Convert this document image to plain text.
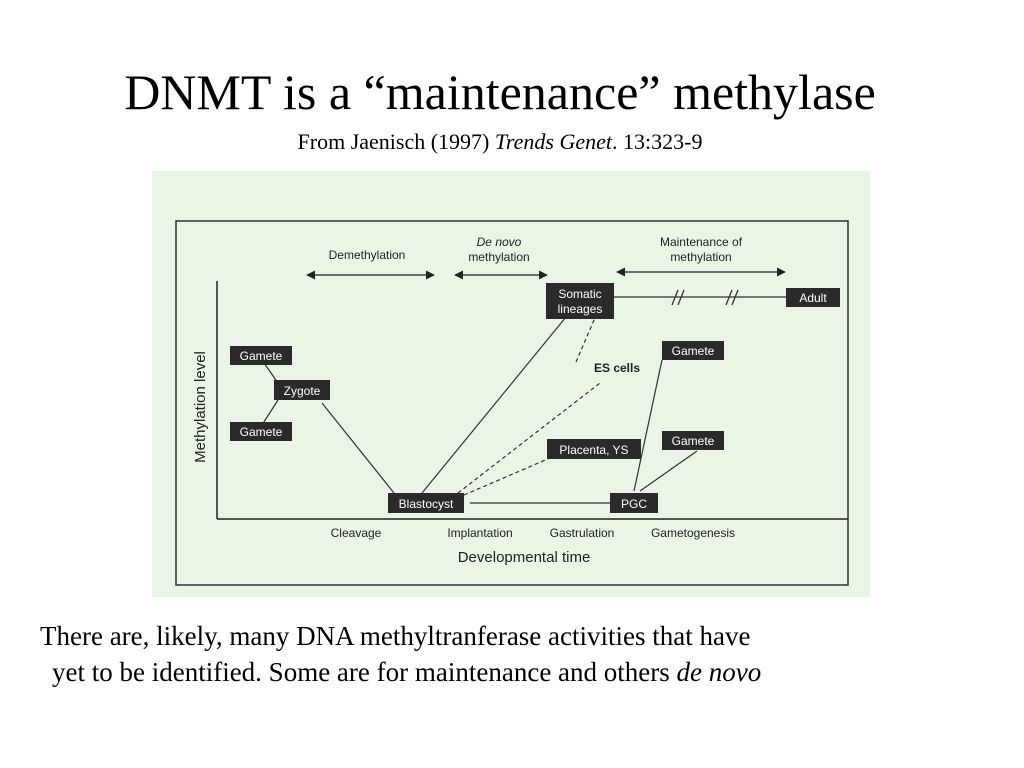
DNMT is a “maintenance” methylase
From Jaenisch (1997) Trends Genet. 13:323-9
Methylation level
Developmental time
Cleavage	Implantation	Gastrulation	Gametogenesis
Demethylation
De novo
methylation
Maintenance of
methylation
Gamete
Zygote
Gamete
Blastocyst
Somatic
lineages
Adult
ES cells
Placenta, YS
PGC
Gamete
Gamete
There are, likely, many DNA methyltranferase activities that have
yet to be identified. Some are for maintenance and others de novo
